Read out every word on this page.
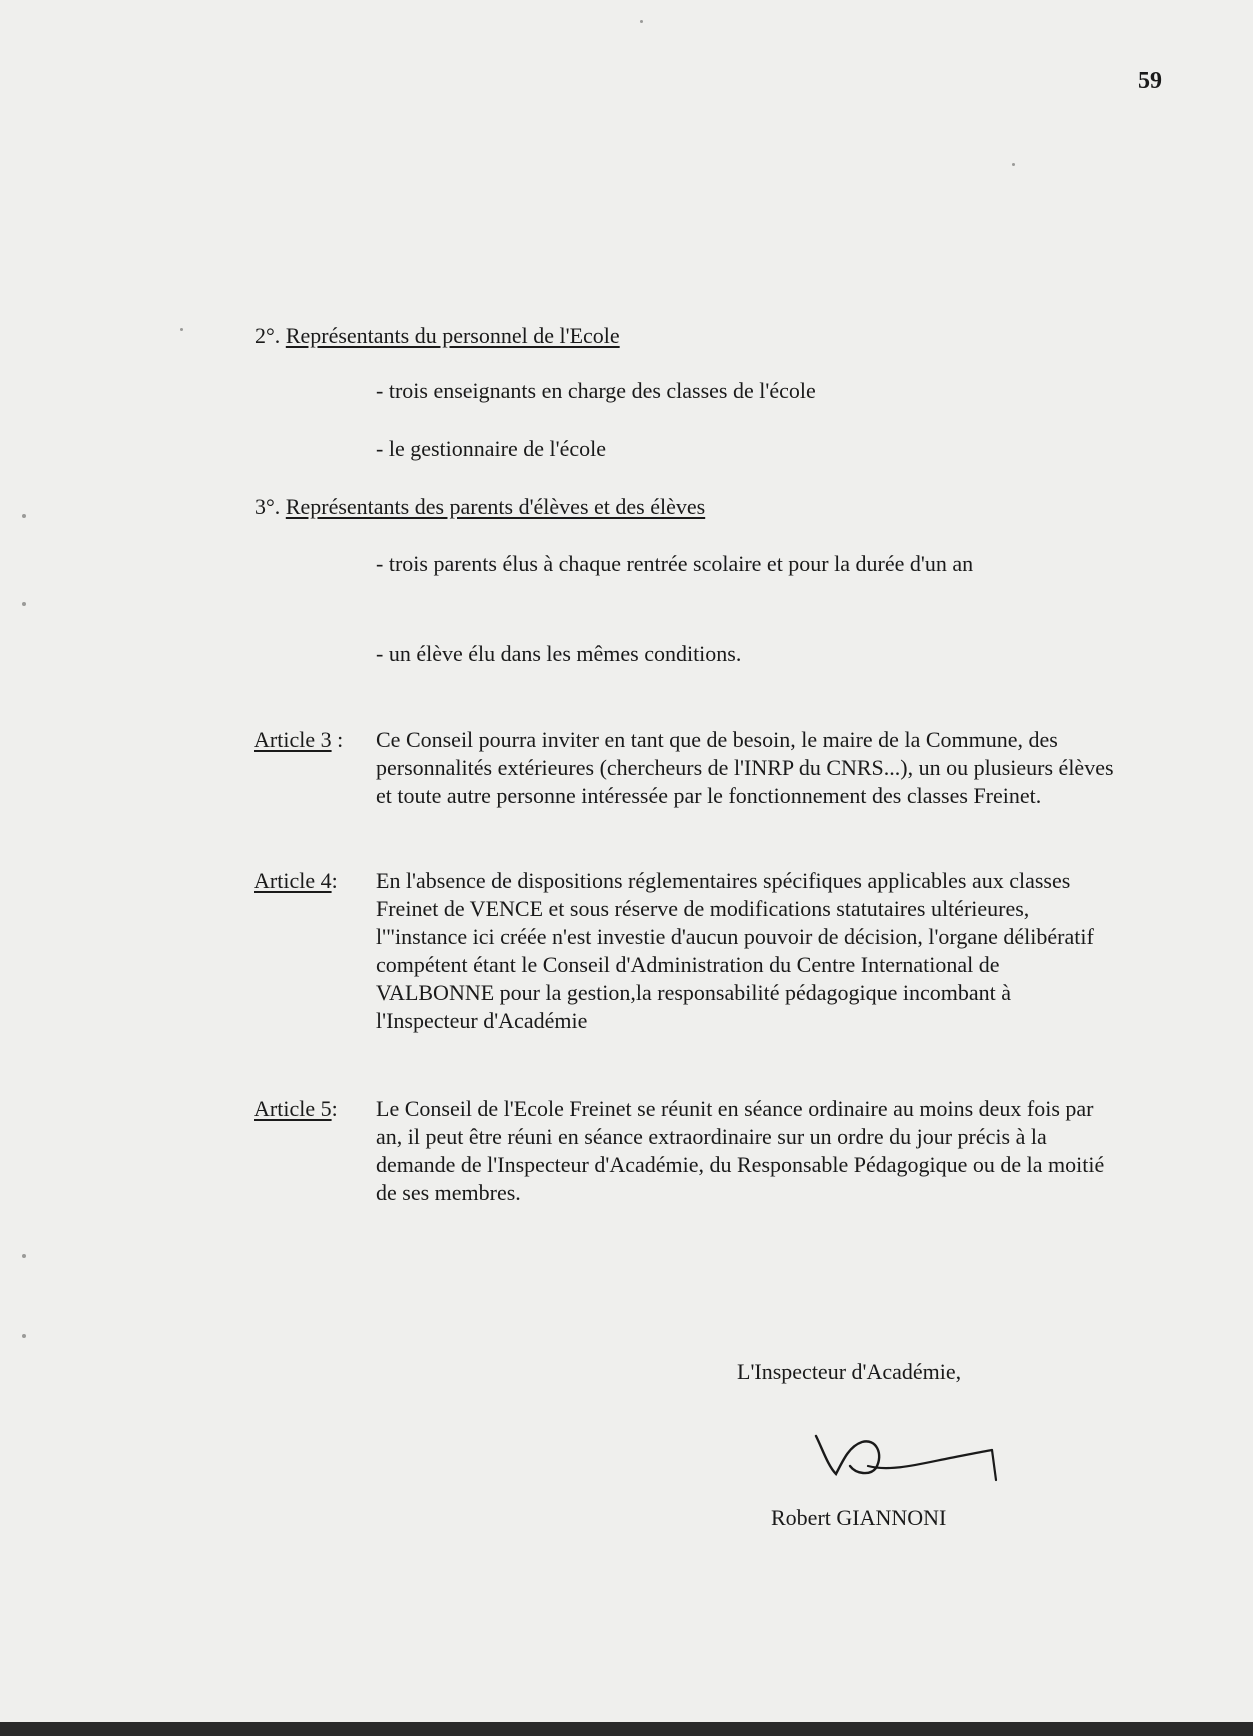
59
2°. Représentants du personnel de l'Ecole
- trois enseignants en charge des classes de l'école
- le gestionnaire de l'école
3°. Représentants des parents d'élèves et des élèves
- trois parents élus à chaque rentrée scolaire et pour la durée d'un an
- un élève élu dans les mêmes conditions.
Article 3 : Ce Conseil pourra inviter en tant que de besoin, le maire de la Commune, des personnalités extérieures (chercheurs de l'INRP du CNRS...), un ou plusieurs élèves et toute autre personne intéressée par le fonctionnement des classes Freinet.
Article 4: En l'absence de dispositions réglementaires spécifiques applicables aux classes Freinet de VENCE et sous réserve de modifications statutaires ultérieures, l'"instance ici créée n'est investie d'aucun pouvoir de décision, l'organe délibératif compétent étant le Conseil d'Administration du Centre International de VALBONNE pour la gestion,la responsabilité pédagogique incombant à l'Inspecteur d'Académie
Article 5: Le Conseil de l'Ecole Freinet se réunit en séance ordinaire au moins deux fois par an, il peut être réuni en séance extraordinaire sur un ordre du jour précis à la demande de l'Inspecteur d'Académie, du Responsable Pédagogique ou de la moitié de ses membres.
L'Inspecteur d'Académie,
Robert GIANNONI
